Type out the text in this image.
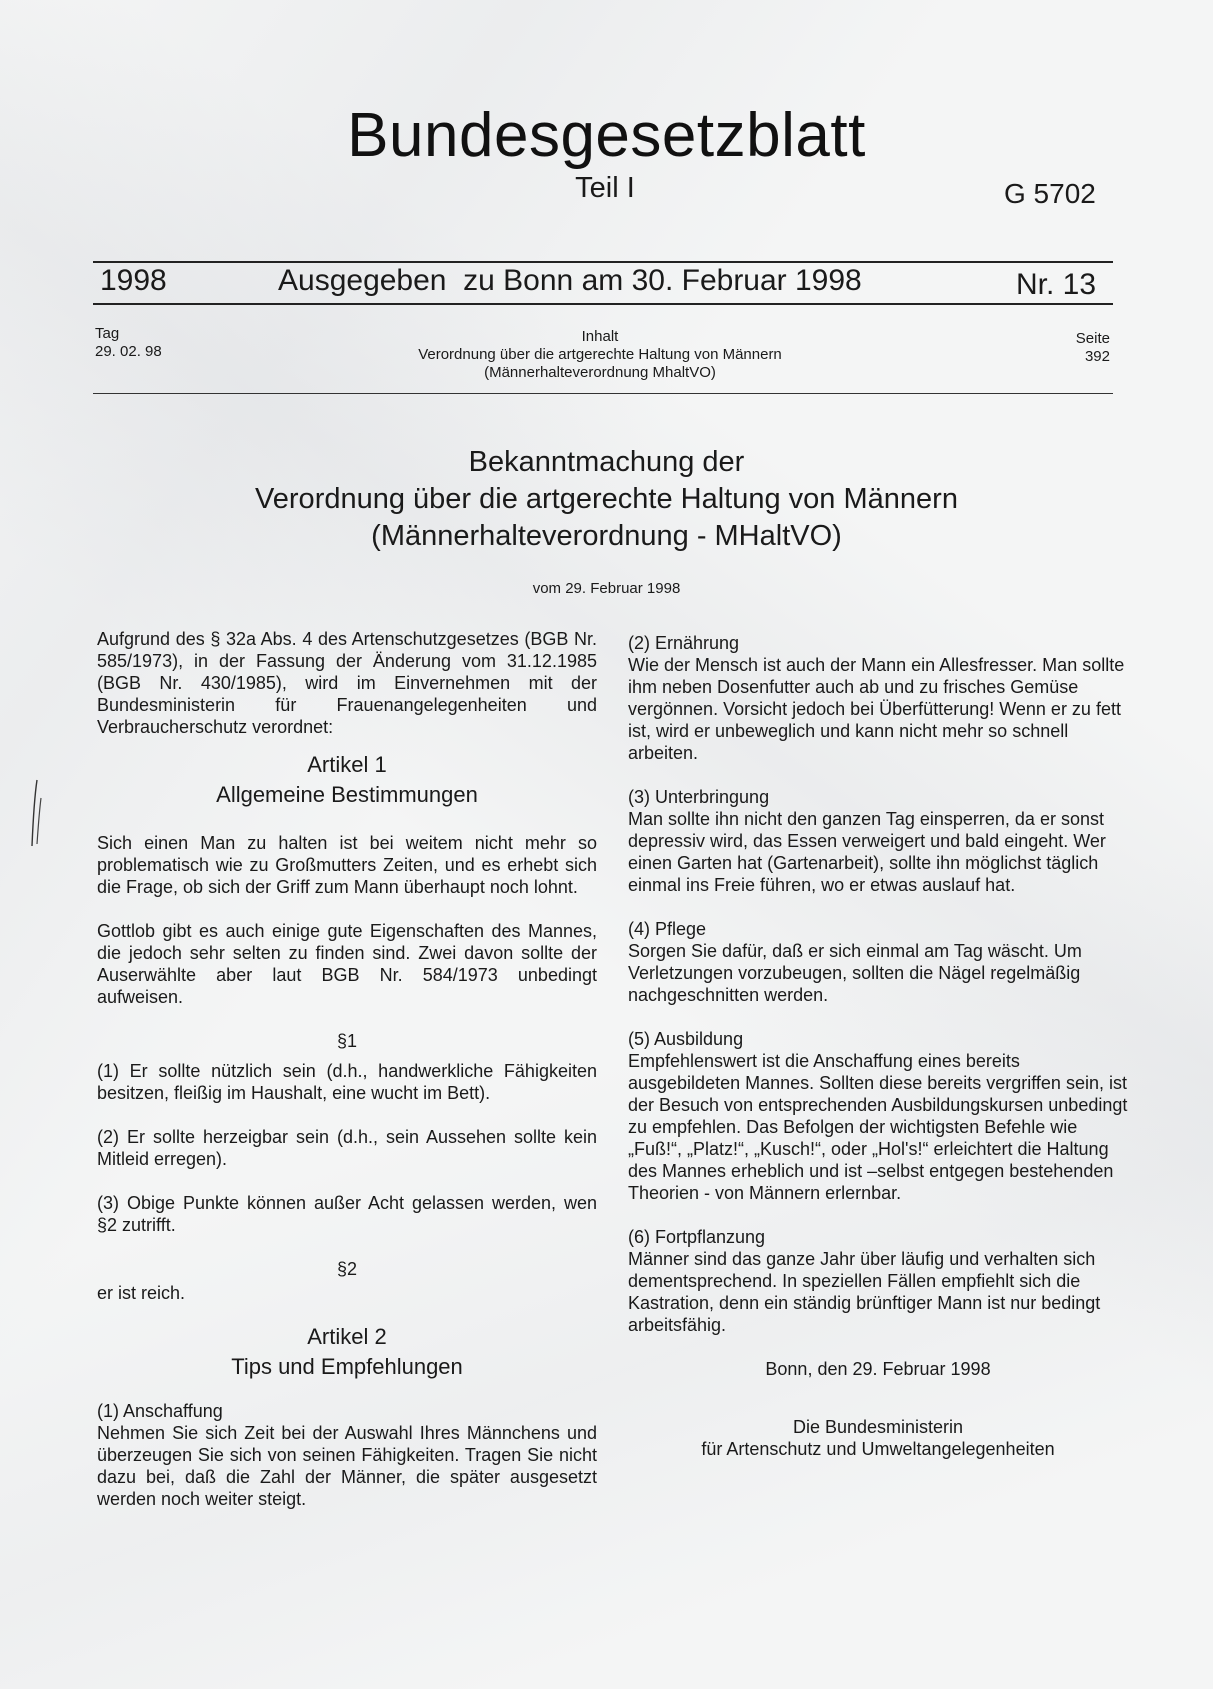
Bundesgesetzblatt
Teil I	G 5702
1998	Ausgegeben  zu Bonn am 30. Februar 1998	Nr. 13
Tag
29. 02. 98
Inhalt
Verordnung über die artgerechte Haltung von Männern
(Männerhalteverordnung MhaltVO)
Seite
392
Bekanntmachung der
Verordnung über die artgerechte Haltung von Männern
(Männerhalteverordnung - MHaltVO)
vom 29. Februar 1998

Aufgrund des § 32a Abs. 4 des Artenschutzgesetzes (BGB Nr. 585/1973), in der Fassung der Änderung vom 31.12.1985 (BGB Nr. 430/1985), wird im Einvernehmen mit der Bundesministerin für Frauenangelegenheiten und Verbraucherschutz verordnet:

Artikel 1
Allgemeine Bestimmungen

Sich einen Man zu halten ist bei weitem nicht mehr so problematisch wie zu Großmutters Zeiten, und es erhebt sich die Frage, ob sich der Griff zum Mann überhaupt noch lohnt.

Gottlob gibt es auch einige gute Eigenschaften des Mannes, die jedoch sehr selten zu finden sind. Zwei davon sollte der Auserwählte aber laut BGB Nr. 584/1973 unbedingt aufweisen.

§1

(1) Er sollte nützlich sein (d.h., handwerkliche Fähigkeiten besitzen, fleißig im Haushalt, eine wucht im Bett).

(2) Er sollte herzeigbar sein (d.h., sein Aussehen sollte kein Mitleid erregen).

(3) Obige Punkte können außer Acht gelassen werden, wen §2 zutrifft.

§2

er ist reich.

Artikel 2
Tips und Empfehlungen
(1) Anschaffung

Nehmen Sie sich Zeit bei der Auswahl Ihres Männchens und überzeugen Sie sich von seinen Fähigkeiten. Tragen Sie nicht dazu bei, daß die Zahl der Männer, die später ausgesetzt werden noch weiter steigt.

(2) Ernährung

Wie der Mensch ist auch der Mann ein Allesfresser. Man sollte ihm neben Dosenfutter auch ab und zu frisches Gemüse vergönnen. Vorsicht jedoch bei Überfütterung! Wenn er zu fett ist, wird er unbeweglich und kann nicht mehr so schnell arbeiten.

(3) Unterbringung

Man sollte ihn nicht den ganzen Tag einsperren, da er sonst depressiv wird, das Essen verweigert und bald eingeht. Wer einen Garten hat (Gartenarbeit), sollte ihn möglichst täglich einmal ins Freie führen, wo er etwas auslauf hat.

(4) Pflege

Sorgen Sie dafür, daß er sich einmal am Tag wäscht. Um Verletzungen vorzubeugen, sollten die Nägel regelmäßig nachgeschnitten werden.

(5) Ausbildung

Empfehlenswert ist die Anschaffung eines bereits ausgebildeten Mannes. Sollten diese bereits vergriffen sein, ist der Besuch von entsprechenden Ausbildungskursen unbedingt zu empfehlen. Das Befolgen der wichtigsten Befehle wie „Fuß!“, „Platz!“, „Kusch!“, oder „Hol's!“ erleichtert die Haltung des Mannes erheblich und ist –selbst entgegen bestehenden Theorien - von Männern erlernbar.

(6) Fortpflanzung

Männer sind das ganze Jahr über läufig und verhalten sich dementsprechend. In speziellen Fällen empfiehlt sich die Kastration, denn ein ständig brünftiger Mann ist nur bedingt arbeitsfähig.

Bonn, den 29. Februar 1998
Die Bundesministerin
für Artenschutz und Umweltangelegenheiten
